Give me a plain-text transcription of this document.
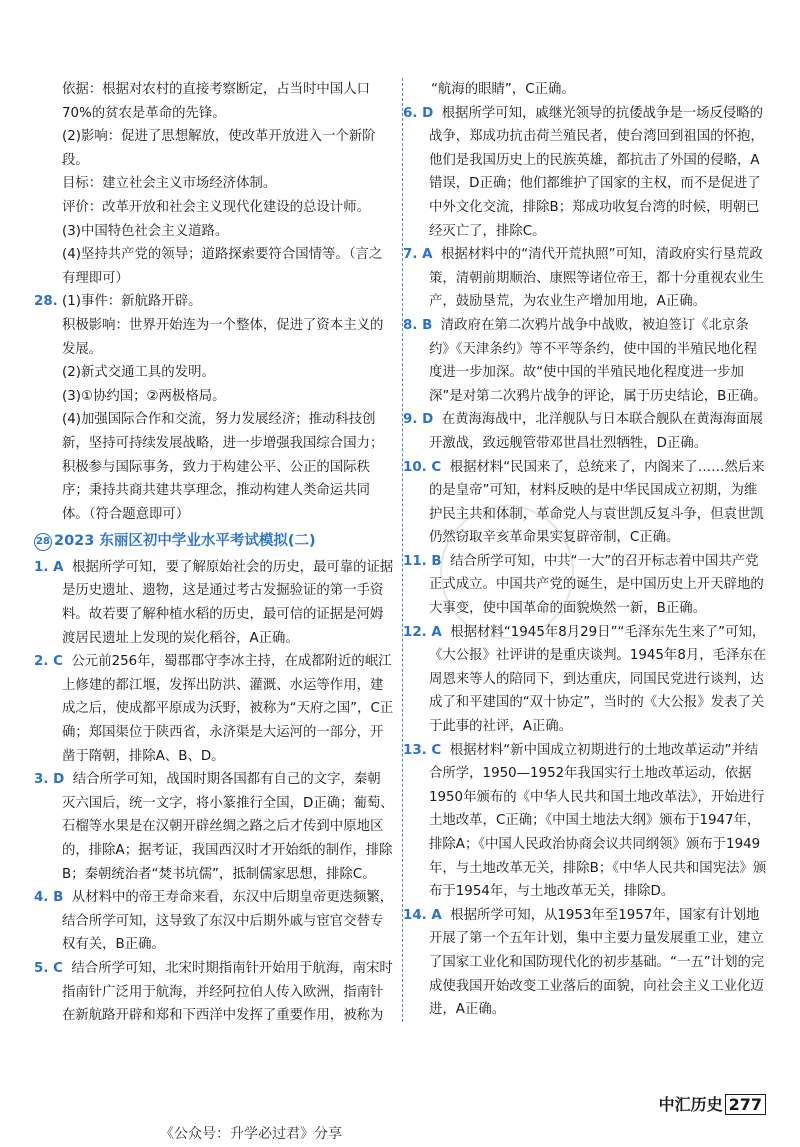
依据：根据对农村的直接考察断定，占当时中国人口70%的贫农是革命的先锋。

(2)影响：促进了思想解放，使改革开放进入一个新阶段。

目标：建立社会主义市场经济体制。

评价：改革开放和社会主义现代化建设的总设计师。

(3)中国特色社会主义道路。

(4)坚持共产党的领导；道路探索要符合国情等。（言之有理即可）

28. (1)事件：新航路开辟。

积极影响：世界开始连为一个整体，促进了资本主义的发展。

(2)新式交通工具的发明。

(3)①协约国；②两极格局。

(4)加强国际合作和交流，努力发展经济；推动科技创新，坚持可持续发展战略，进一步增强我国综合国力；积极参与国际事务，致力于构建公平、公正的国际秩序；秉持共商共建共享理念，推动构建人类命运共同体。（符合题意即可）

28 2023 东丽区初中学业水平考试模拟(二)

1. A 根据所学可知，要了解原始社会的历史，最可靠的证据是历史遗址、遗物，这是通过考古发掘验证的第一手资料。故若要了解种植水稻的历史，最可信的证据是河姆渡居民遗址上发现的炭化稻谷，A正确。

2. C 公元前256年，蜀郡郡守李冰主持，在成都附近的岷江上修建的都江堰，发挥出防洪、灌溉、水运等作用，建成之后，使成都平原成为沃野，被称为“天府之国”，C正确；郑国渠位于陕西省，永济渠是大运河的一部分，开凿于隋朝，排除A、B、D。

3. D 结合所学可知，战国时期各国都有自己的文字，秦朝灭六国后，统一文字，将小篆推行全国，D正确；葡萄、石榴等水果是在汉朝开辟丝绸之路之后才传到中原地区的，排除A；据考证，我国西汉时才开始纸的制作，排除B；秦朝统治者“焚书坑儒”，抵制儒家思想，排除C。

4. B 从材料中的帝王寿命来看，东汉中后期皇帝更迭频繁，结合所学可知，这导致了东汉中后期外戚与宦官交替专权有关，B正确。

5. C 结合所学可知，北宋时期指南针开始用于航海，南宋时指南针广泛用于航海，并经阿拉伯人传入欧洲，指南针在新航路开辟和郑和下西洋中发挥了重要作用，被称为

“航海的眼睛”，C正确。

6. D 根据所学可知，戚继光领导的抗倭战争是一场反侵略的战争，郑成功抗击荷兰殖民者，使台湾回到祖国的怀抱，他们是我国历史上的民族英雄，都抗击了外国的侵略，A错误，D正确；他们都维护了国家的主权，而不是促进了中外文化交流，排除B；郑成功收复台湾的时候，明朝已经灭亡了，排除C。

7. A 根据材料中的“清代开荒执照”可知，清政府实行垦荒政策，清朝前期顺治、康熙等诸位帝王，都十分重视农业生产，鼓励垦荒，为农业生产增加用地，A正确。

8. B 清政府在第二次鸦片战争中战败，被迫签订《北京条约》《天津条约》等不平等条约，使中国的半殖民地化程度进一步加深。故“使中国的半殖民地化程度进一步加深”是对第二次鸦片战争的评论，属于历史结论，B正确。

9. D 在黄海海战中，北洋舰队与日本联合舰队在黄海海面展开激战，致远舰管带邓世昌壮烈牺牲，D正确。

10. C 根据材料“民国来了，总统来了，内阁来了……然后来的是皇帝”可知，材料反映的是中华民国成立初期，为维护民主共和体制，革命党人与袁世凯反复斗争，但袁世凯仍然窃取辛亥革命果实复辟帝制，C正确。

11. B 结合所学可知，中共“一大”的召开标志着中国共产党正式成立。中国共产党的诞生，是中国历史上开天辟地的大事变，使中国革命的面貌焕然一新，B正确。

12. A 根据材料“1945年8月29日”“毛泽东先生来了”可知，《大公报》社评讲的是重庆谈判。1945年8月，毛泽东在周恩来等人的陪同下，到达重庆，同国民党进行谈判，达成了和平建国的“双十协定”，当时的《大公报》发表了关于此事的社评，A正确。

13. C 根据材料“新中国成立初期进行的土地改革运动”并结合所学，1950—1952年我国实行土地改革运动，依据1950年颁布的《中华人民共和国土地改革法》，开始进行土地改革，C正确；《中国土地法大纲》颁布于1947年，排除A；《中国人民政治协商会议共同纲领》颁布于1949年，与土地改革无关，排除B；《中华人民共和国宪法》颁布于1954年，与土地改革无关，排除D。

14. A 根据所学可知，从1953年至1957年，国家有计划地开展了第一个五年计划，集中主要力量发展重工业，建立了国家工业化和国防现代化的初步基础。“一五”计划的完成使我国开始改变工业落后的面貌，向社会主义工业化迈进，A正确。

中汇历史 277
《公众号：升学必过君》分享
